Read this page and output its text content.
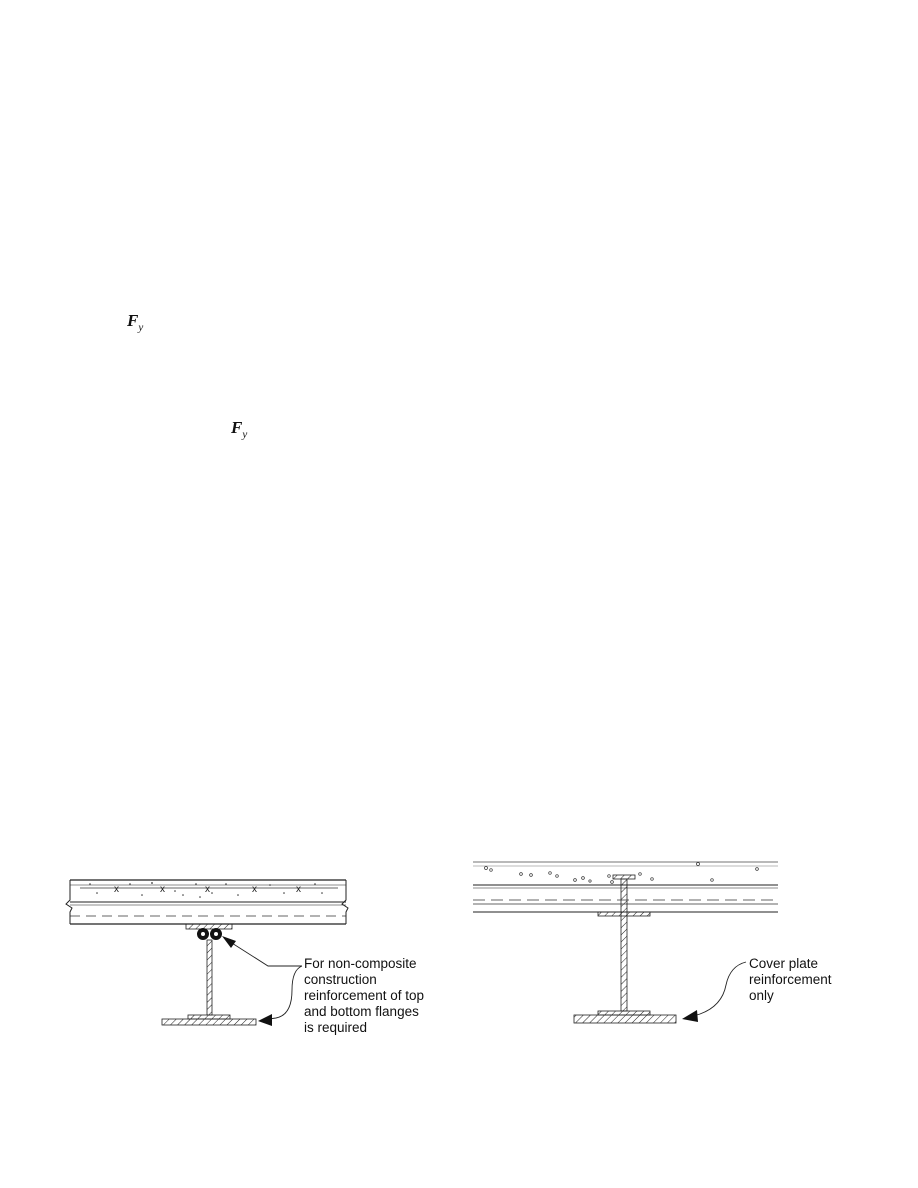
$F_y$
$F_y$
x	x	x	x	x
For non-composite
construction
reinforcement of top
and bottom flanges
is required
Cover plate
reinforcement
only
